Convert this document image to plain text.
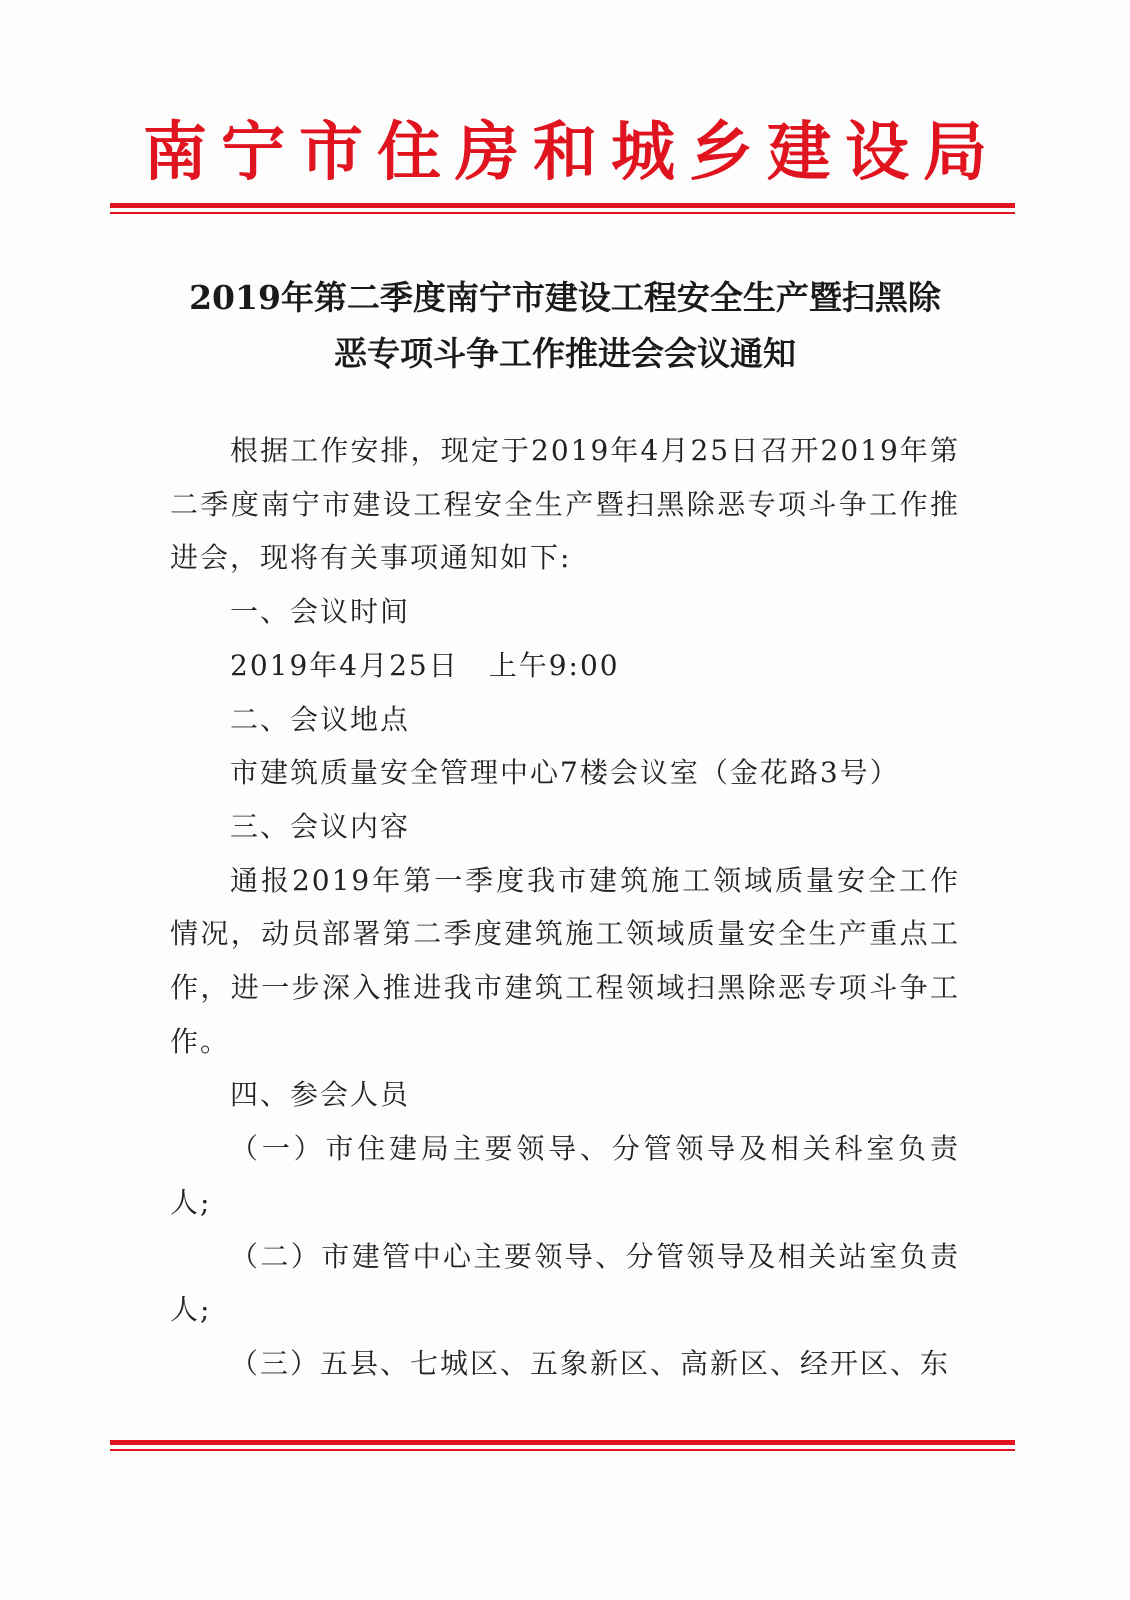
南宁市住房和城乡建设局
2019年第二季度南宁市建设工程安全生产暨扫黑除
恶专项斗争工作推进会会议通知

根据工作安排，现定于2019年4月25日召开2019年第二季度南宁市建设工程安全生产暨扫黑除恶专项斗争工作推进会，现将有关事项通知如下:

一、会议时间

2019年4月25日　上午9:00

二、会议地点

市建筑质量安全管理中心7楼会议室（金花路3号）

三、会议内容

通报2019年第一季度我市建筑施工领域质量安全工作情况，动员部署第二季度建筑施工领域质量安全生产重点工作，进一步深入推进我市建筑工程领域扫黑除恶专项斗争工作。

四、参会人员

（一）市住建局主要领导、分管领导及相关科室负责人;

（二）市建管中心主要领导、分管领导及相关站室负责人;

（三）五县、七城区、五象新区、高新区、经开区、东
